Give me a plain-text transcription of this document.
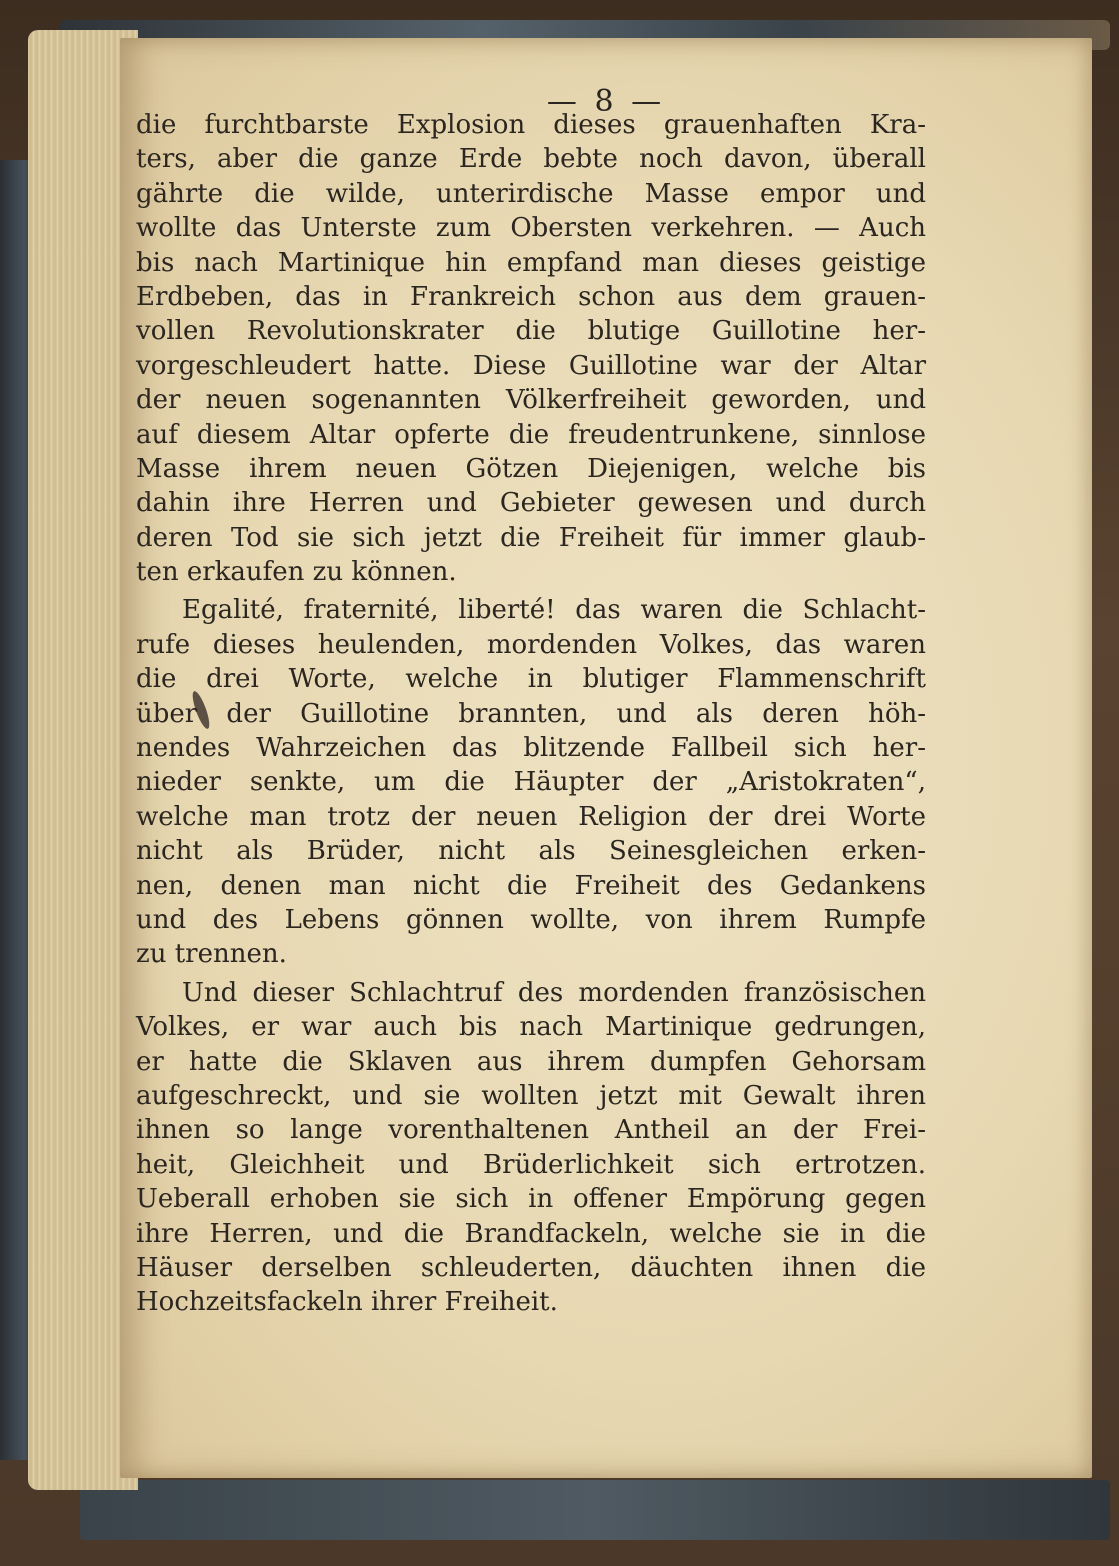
— 8 —
die furchtbarste Explosion dieses grauenhaften Kra-
ters, aber die ganze Erde bebte noch davon, überall
gährte die wilde, unterirdische Masse empor und
wollte das Unterste zum Obersten verkehren. — Auch
bis nach Martinique hin empfand man dieses geistige
Erdbeben, das in Frankreich schon aus dem grauen-
vollen Revolutionskrater die blutige Guillotine her-
vorgeschleudert hatte. Diese Guillotine war der Altar
der neuen sogenannten Völkerfreiheit geworden, und
auf diesem Altar opferte die freudentrunkene, sinnlose
Masse ihrem neuen Götzen Diejenigen, welche bis
dahin ihre Herren und Gebieter gewesen und durch
deren Tod sie sich jetzt die Freiheit für immer glaub-
ten erkaufen zu können.
Egalité, fraternité, liberté! das waren die Schlacht-
rufe dieses heulenden, mordenden Volkes, das waren
die drei Worte, welche in blutiger Flammenschrift
über der Guillotine brannten, und als deren höh-
nendes Wahrzeichen das blitzende Fallbeil sich her-
nieder senkte, um die Häupter der „Aristokraten“,
welche man trotz der neuen Religion der drei Worte
nicht als Brüder, nicht als Seinesgleichen erken-
nen, denen man nicht die Freiheit des Gedankens
und des Lebens gönnen wollte, von ihrem Rumpfe
zu trennen.
Und dieser Schlachtruf des mordenden französischen
Volkes, er war auch bis nach Martinique gedrungen,
er hatte die Sklaven aus ihrem dumpfen Gehorsam
aufgeschreckt, und sie wollten jetzt mit Gewalt ihren
ihnen so lange vorenthaltenen Antheil an der Frei-
heit, Gleichheit und Brüderlichkeit sich ertrotzen.
Ueberall erhoben sie sich in offener Empörung gegen
ihre Herren, und die Brandfackeln, welche sie in die
Häuser derselben schleuderten, däuchten ihnen die
Hochzeitsfackeln ihrer Freiheit.
